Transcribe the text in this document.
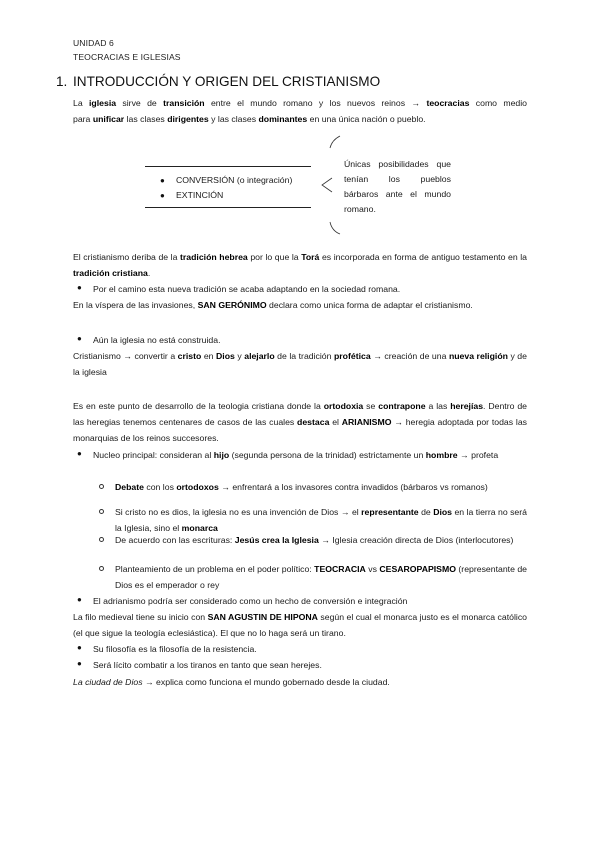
UNIDAD 6
TEOCRACIAS E IGLESIAS
1. INTRODUCCIÓN Y ORIGEN DEL CRISTIANISMO
La iglesia sirve de transición entre el mundo romano y los nuevos reinos → teocracias como medio
para unificar las clases dirigentes y las clases dominantes en una única nación o pueblo.
● CONVERSIÓN (o integración)
● EXTINCIÓN
Únicas posibilidades que tenían los pueblos bárbaros ante el mundo romano.
El cristianismo deriba de la tradición hebrea por lo que la Torá es incorporada en forma de antiguo testamento en la tradición cristiana.
● Por el camino esta nueva tradición se acaba adaptando en la sociedad romana.
En la víspera de las invasiones, SAN GERÓNIMO declara como unica forma de adaptar el cristianismo.
● Aún la iglesia no está construida.
Cristianismo → convertir a cristo en Dios y alejarlo de la tradición profética → creación de una nueva religión y de la iglesia
Es en este punto de desarrollo de la teologia cristiana donde la ortodoxia se contrapone a las herejías. Dentro de las heregias tenemos centenares de casos de las cuales destaca el ARIANISMO → heregia adoptada por todas las monarquias de los reinos succesores.
● Nucleo principal: consideran al hijo (segunda persona de la trinidad) estrictamente un hombre → profeta
Debate con los ortodoxos → enfrentará a los invasores contra invadidos (bárbaros vs romanos)
Si cristo no es dios, la iglesia no es una invención de Dios → el representante de Dios en la tierra no será la Iglesia, sino el monarca
De acuerdo con las escrituras: Jesús crea la Iglesia → Iglesia creación directa de Dios (interlocutores)
Planteamiento de un problema en el poder político: TEOCRACIA vs CESAROPAPISMO (representante de Dios es el emperador o rey
● El adrianismo podría ser considerado como un hecho de conversión e integración
La filo medieval tiene su inicio con SAN AGUSTIN DE HIPONA según el cual el monarca justo es el monarca católico (el que sigue la teología eclesiástica). El que no lo haga será un tirano.
● Su filosofía es la filosofía de la resistencia.
● Será lícito combatir a los tiranos en tanto que sean herejes.
La ciudad de Dios → explica como funciona el mundo gobernado desde la ciudad.
